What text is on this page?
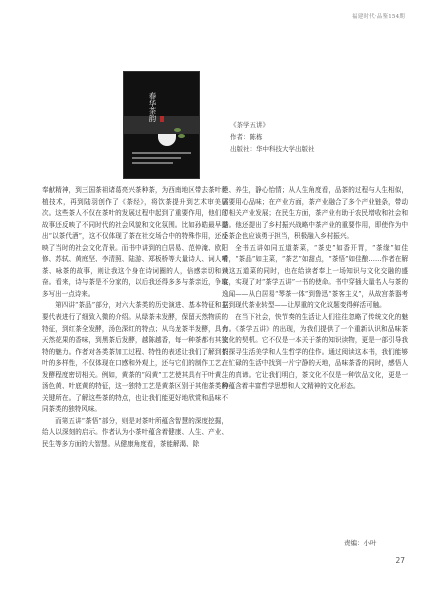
福建时代·品鉴154期
春华茶韵
《茶学五讲》
作者：陈栋
出版社：华中科技大学出版社

奉献精神，到三国茶祖诸葛亮兴茶种茶，为西南地区带去茶叶种植技术，再到陆羽创作了《茶经》，将饮茶提升到艺术审美层次。这些茶人不仅在茶叶的发展过程中起到了重要作用，他们的故事还反映了不同时代的社会风貌和文化氛围。比如孙皓最早提出“以茶代酒”，这不仅体现了茶在社交场合中的特殊作用，还反映了当时的社会文化背景。而书中讲到的白居易、范仲淹、欧阳修、苏轼、黄庭坚、李清照、陆游、郑板桥等大量诗人、词人嗜茶、咏茶的故事，则让我这个身在诗词圈的人，倍感亲切和兴奋。看来，诗与茶是不分家的，以后我还得多多与茶亲近，争取多写出一点诗来。

第四讲“茶品”部分，对六大茶类的历史演进、基本特征和主要代表进行了细致入微的介绍。从绿茶未发酵，保留天然物质的特征，到红茶全发酵，汤色深红的特点；从乌龙茶半发酵，具有天然花果的香味，到黑茶后发酵，越陈越香，每一种茶都有其独特的魅力。作者对各类茶加工过程、特性的表述让我们了解到茶叶的多样性，不仅体现在口感和外观上，还与它们的制作工艺、发酵程度密切相关。例如，黄茶的“闷黄”工艺使其具有干叶黄、汤色黄、叶底黄的特征，这一独特工艺是黄茶区别于其他茶类的关键所在。了解这些茶的特点，也让我们能更好地欣赏和品味不同茶类的独特风味。

而第五讲“茶悟”部分，则是对茶叶所蕴含智慧的深度挖掘，给人以深刻的启示。作者认为小茶叶蕴含着健康、人生、产业、民生等多方面的大智慧。从健康角度看，茶能解渴、除

乏、养生，静心怡情；从人生角度看，品茶的过程与人生相似，需要用心品味；在产业方面，茶产业融合了多个产业链条，带动了相关产业发展；在民生方面，茶产业有助于农民增收和社会和谐。他还提出了乡村振兴战略中茶产业的重要作用，即使作为中小茶企也应该勇于担当，积极融入乡村振兴。

全书五讲如同五道茶菜，“茶史”如香开胃，“茶缘”如佳肴，“茶品”如主菜，“茶艺”如甜点，“茶悟”如佳酿……作者在解读这五道菜的同时，也在给读者奉上一场知识与文化交融的盛宴，实现了对“茶学五讲”一书的使命。书中穿插大量名人与茶的逸闻——从白居易“琴茶一体”到鲁迅“茶客主义”，从故宫茶器考据到现代茶业转型——让厚重的文化议题变得鲜活可触。

在当下社会，快节奏的生活让人们往往忽略了传统文化的魅力。《茶学五讲》的出现，为我们提供了一个重新认识和品味茶文化的契机。它不仅是一本关于茶的知识读物，更是一部引导我们探寻生活美学和人生哲学的佳作。通过阅读这本书，我们能够在忙碌的生活中找到一片宁静的天地，品味茶香的同时，感悟人生的真谛。它让我们明白，茶文化不仅是一种饮品文化，更是一种蕴含着丰富哲学思想和人文精神的文化形态。

责编：小叶
27
